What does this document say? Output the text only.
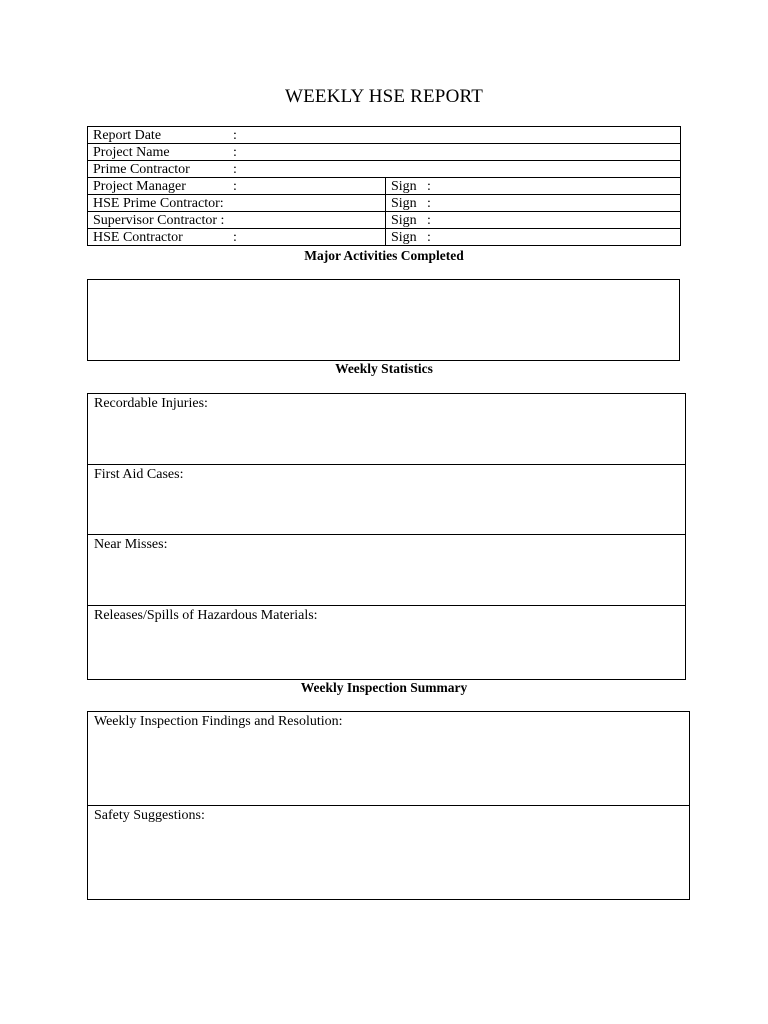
WEEKLY HSE REPORT
Report Date :	
Project Name :	
Prime Contractor :	
Project Manager :	Sign :
HSE Prime Contractor:	Sign :
Supervisor Contractor :	Sign :
HSE Contractor :	Sign :
Major Activities Completed
Weekly Statistics
Recordable Injuries:
First Aid Cases:
Near Misses:
Releases/Spills of Hazardous Materials:
Weekly Inspection Summary
Weekly Inspection Findings and Resolution:
Safety Suggestions:
